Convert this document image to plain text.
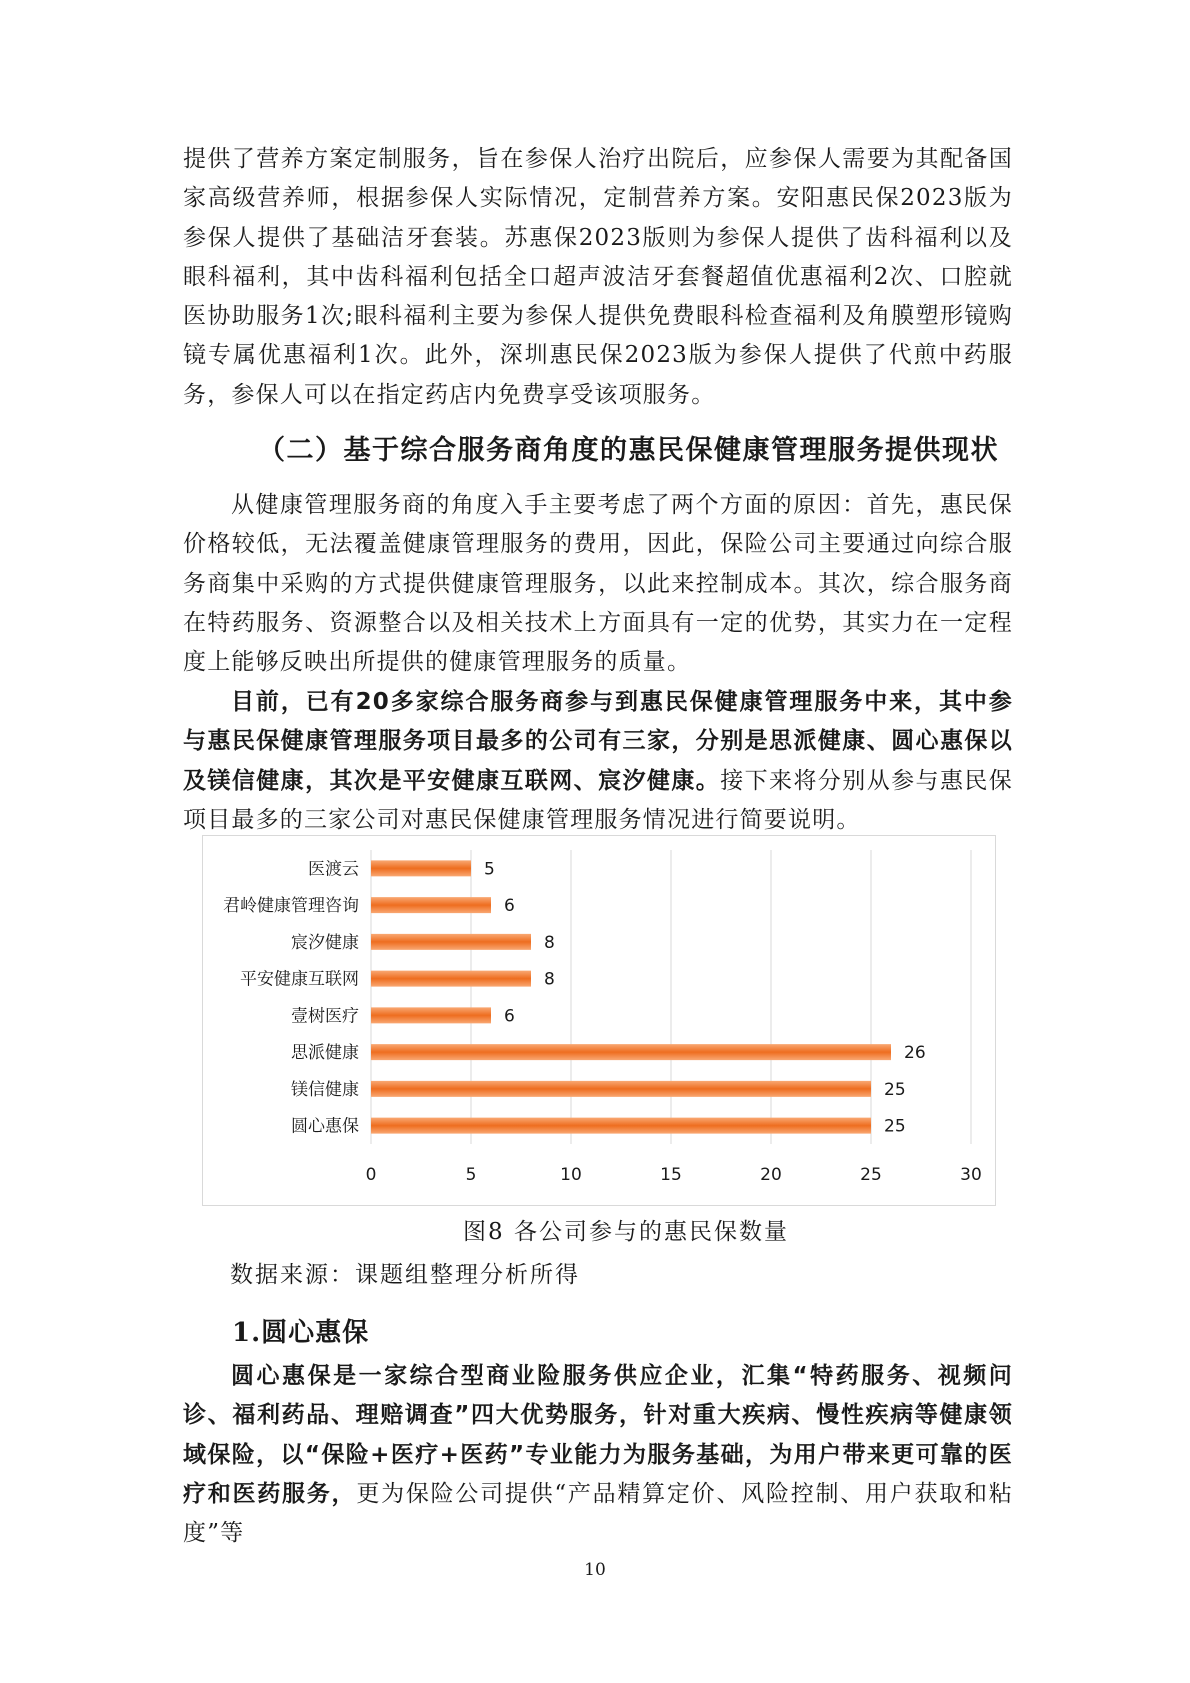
提供了营养方案定制服务，旨在参保人治疗出院后，应参保人需要为其配备国家高级营养师，根据参保人实际情况，定制营养方案。安阳惠民保2023版为参保人提供了基础洁牙套装。苏惠保2023版则为参保人提供了齿科福利以及眼科福利，其中齿科福利包括全口超声波洁牙套餐超值优惠福利2次、口腔就医协助服务1次;眼科福利主要为参保人提供免费眼科检查福利及角膜塑形镜购镜专属优惠福利1次。此外，深圳惠民保2023版为参保人提供了代煎中药服务，参保人可以在指定药店内免费享受该项服务。

（二）基于综合服务商角度的惠民保健康管理服务提供现状

从健康管理服务商的角度入手主要考虑了两个方面的原因：首先，惠民保价格较低，无法覆盖健康管理服务的费用，因此，保险公司主要通过向综合服务商集中采购的方式提供健康管理服务，以此来控制成本。其次，综合服务商在特药服务、资源整合以及相关技术上方面具有一定的优势，其实力在一定程度上能够反映出所提供的健康管理服务的质量。

目前，已有20多家综合服务商参与到惠民保健康管理服务中来，其中参与惠民保健康管理服务项目最多的公司有三家，分别是思派健康、圆心惠保以及镁信健康，其次是平安健康互联网、宸汐健康。接下来将分别从参与惠民保项目最多的三家公司对惠民保健康管理服务情况进行简要说明。

0	5	10	15	20	25	30
医渡云	5
君岭健康管理咨询	6
宸汐健康	8
平安健康互联网	8
壹树医疗	6
思派健康	26
镁信健康	25
圆心惠保	25

图8 各公司参与的惠民保数量

数据来源：课题组整理分析所得

1.圆心惠保

圆心惠保是一家综合型商业险服务供应企业，汇集“特药服务、视频问诊、福利药品、理赔调查”四大优势服务，针对重大疾病、慢性疾病等健康领域保险，以“保险+医疗+医药”专业能力为服务基础，为用户带来更可靠的医疗和医药服务，更为保险公司提供“产品精算定价、风险控制、用户获取和粘度”等

10
